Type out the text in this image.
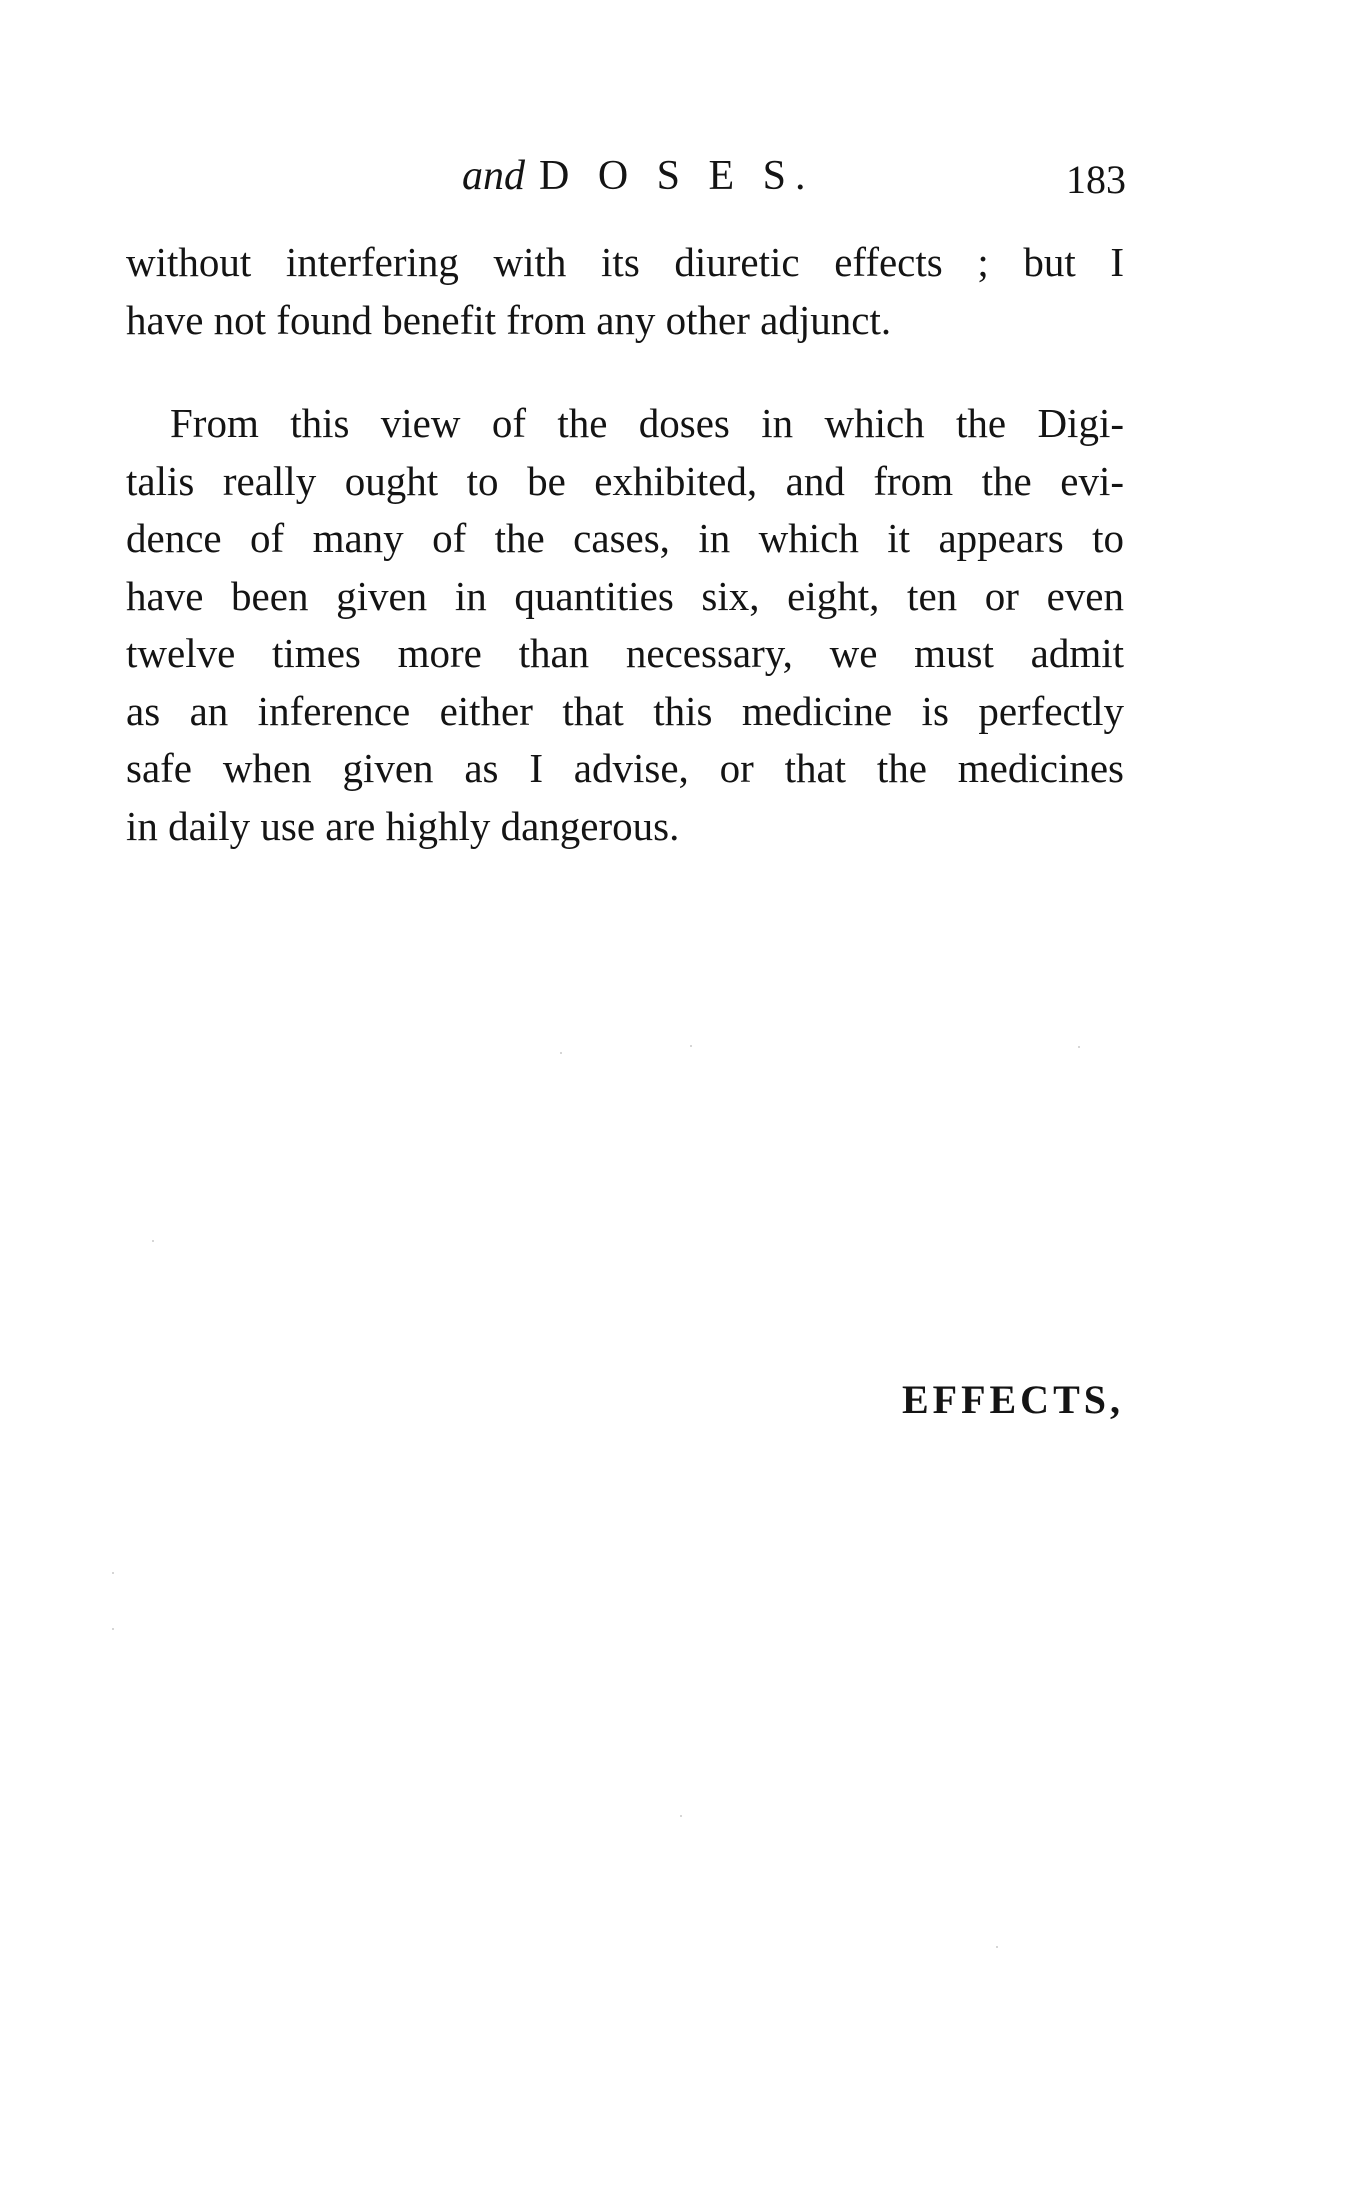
and D O S E S.	183
without interfering with its diuretic effects ; but I
have not found benefit from any other adjunct.
From this view of the doses in which the Digi-
talis really ought to be exhibited, and from the evi-
dence of many of the cases, in which it appears to
have been given in quantities six, eight, ten or even
twelve times more than necessary, we must admit
as an inference either that this medicine is perfectly
safe when given as I advise, or that the medicines
in daily use are highly dangerous.
EFFECTS,
